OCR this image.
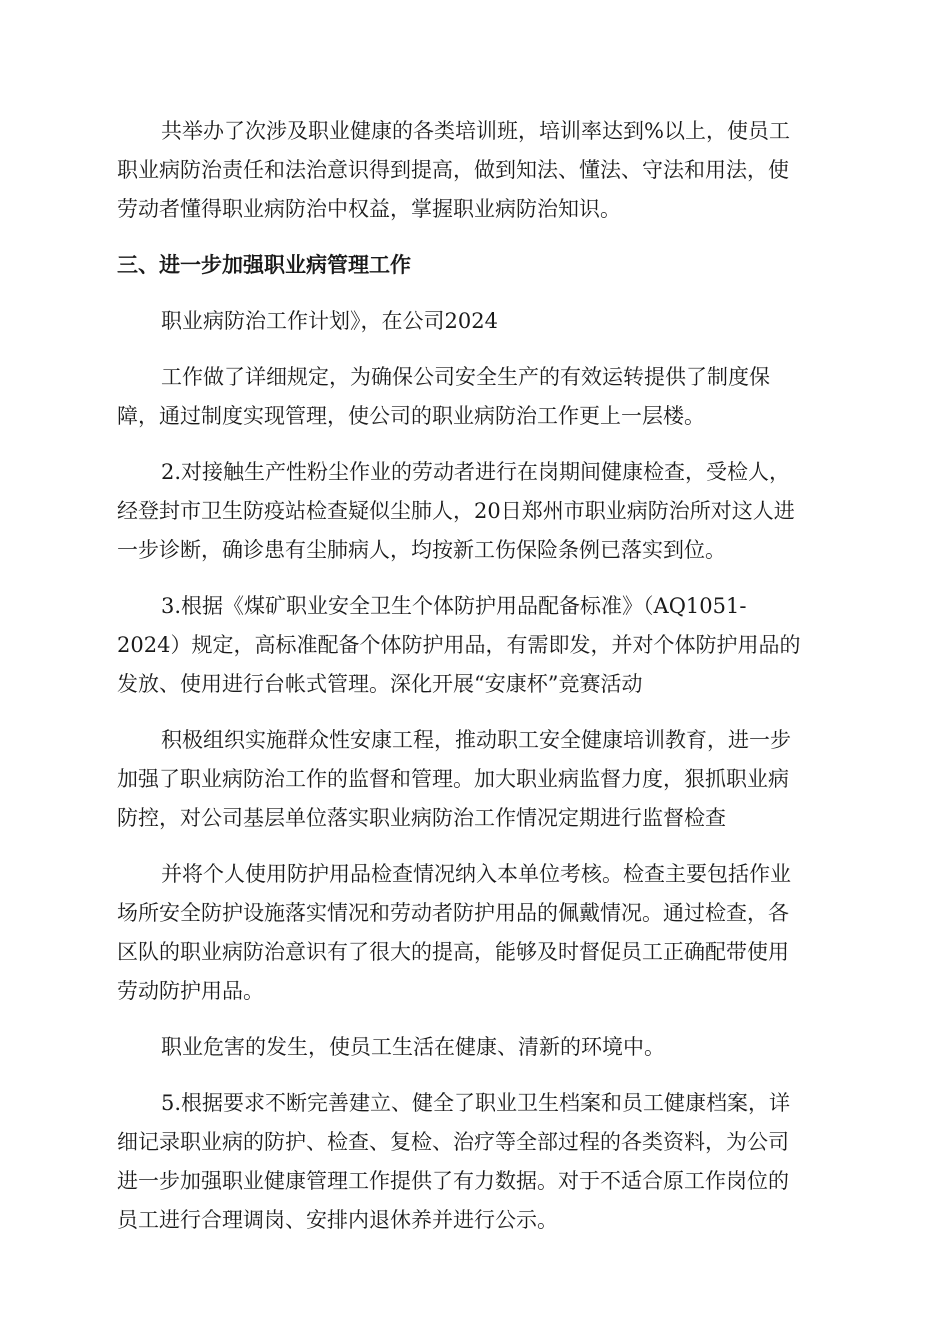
共举办了次涉及职业健康的各类培训班，培训率达到%以上，使员工
职业病防治责任和法治意识得到提高，做到知法、懂法、守法和用法，使
劳动者懂得职业病防治中权益，掌握职业病防治知识。

三、进一步加强职业病管理工作

职业病防治工作计划》，在公司2024

工作做了详细规定，为确保公司安全生产的有效运转提供了制度保
障，通过制度实现管理，使公司的职业病防治工作更上一层楼。

2.对接触生产性粉尘作业的劳动者进行在岗期间健康检查，受检人，
经登封市卫生防疫站检查疑似尘肺人，20日郑州市职业病防治所对这人进
一步诊断，确诊患有尘肺病人，均按新工伤保险条例已落实到位。

3.根据《煤矿职业安全卫生个体防护用品配备标准》（AQ1051-
2024）规定，高标准配备个体防护用品，有需即发，并对个体防护用品的
发放、使用进行台帐式管理。深化开展“安康杯”竞赛活动

积极组织实施群众性安康工程，推动职工安全健康培训教育，进一步
加强了职业病防治工作的监督和管理。加大职业病监督力度，狠抓职业病
防控，对公司基层单位落实职业病防治工作情况定期进行监督检查

并将个人使用防护用品检查情况纳入本单位考核。检查主要包括作业
场所安全防护设施落实情况和劳动者防护用品的佩戴情况。通过检查，各
区队的职业病防治意识有了很大的提高，能够及时督促员工正确配带使用
劳动防护用品。

职业危害的发生，使员工生活在健康、清新的环境中。

5.根据要求不断完善建立、健全了职业卫生档案和员工健康档案，详
细记录职业病的防护、检查、复检、治疗等全部过程的各类资料，为公司
进一步加强职业健康管理工作提供了有力数据。对于不适合原工作岗位的
员工进行合理调岗、安排内退休养并进行公示。
